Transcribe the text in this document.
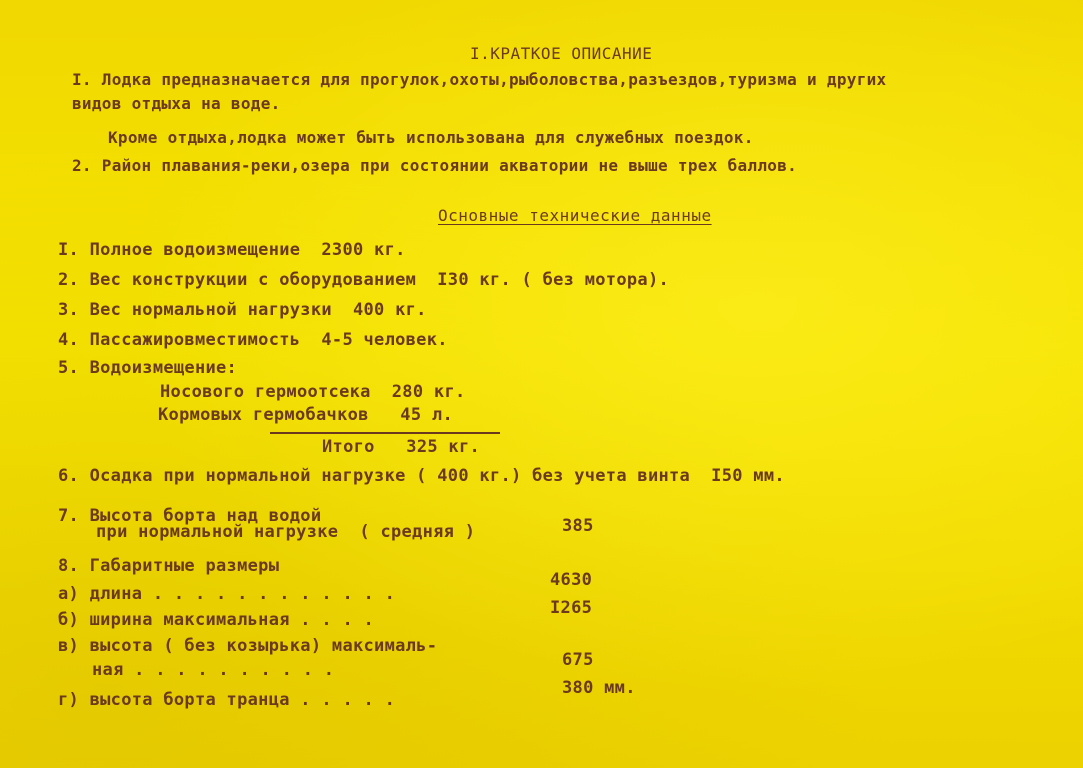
I.КРАТКОЕ ОПИСАНИЕ
I. Лодка предназначается для прогулок,охоты,рыболовства,разъездов,туризма и других
видов отдыха на воде.
Кроме отдыха,лодка может быть использована для служебных поездок.
2. Район плавания-реки,озера при состоянии акватории не выше трех баллов.
Основные технические данные
I. Полное водоизмещение  2300 кг.
2. Вес конструкции с оборудованием  I30 кг. ( без мотора).
3. Вес нормальной нагрузки  400 кг.
4. Пассажировместимость  4-5 человек.
5. Водоизмещение:
Носового гермоотсека  280 кг.
Кормовых гермобачков   45 л.
Итого   325 кг.
6. Осадка при нормальной нагрузке ( 400 кг.) без учета винта  I50 мм.
7. Высота борта над водой
при нормальной нагрузке  ( средняя )	385
8. Габаритные размеры
а) длина . . . . . . . . . . . .
4630
б) ширина максимальная . . . .
I265
в) высота ( без козырька) максималь-
ная . . . . . . . . . .	675
г) высота борта транца . . . . .
380 мм.
